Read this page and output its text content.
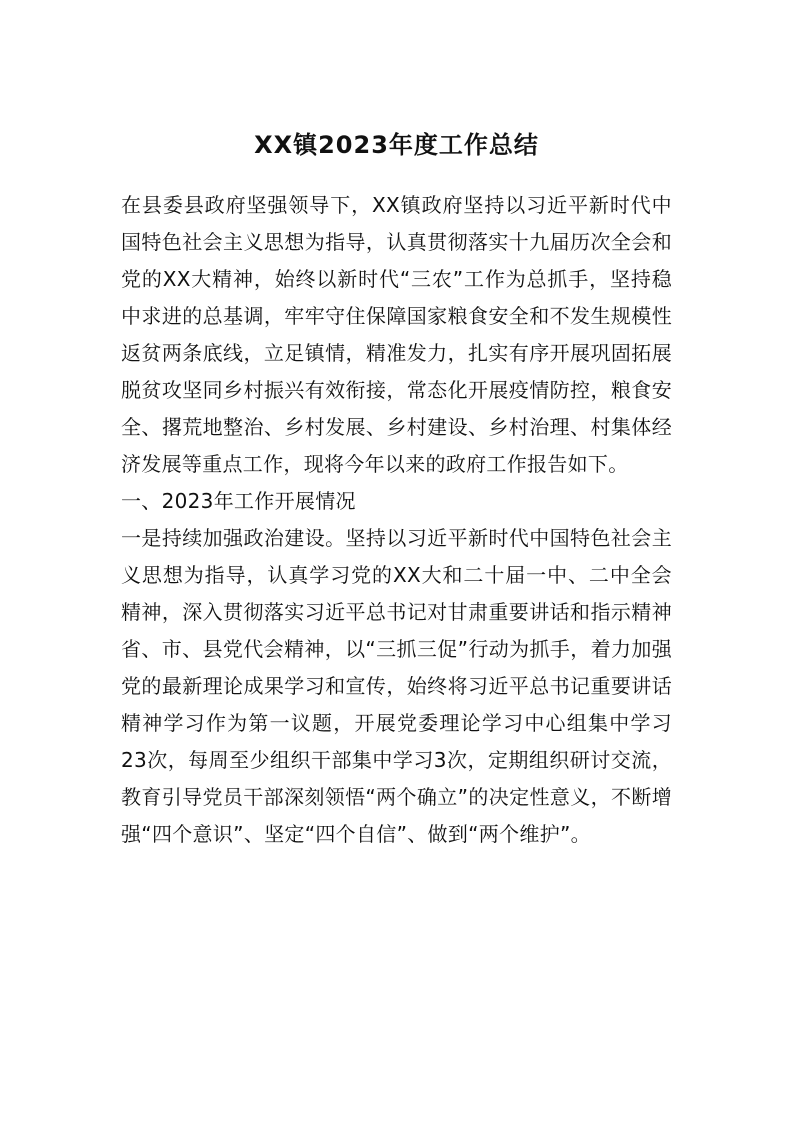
XX镇2023年度工作总结

在县委县政府坚强领导下，XX镇政府坚持以习近平新时代中国特色社会主义思想为指导，认真贯彻落实十九届历次全会和党的XX大精神，始终以新时代“三农”工作为总抓手，坚持稳中求进的总基调，牢牢守住保障国家粮食安全和不发生规模性返贫两条底线，立足镇情，精准发力，扎实有序开展巩固拓展脱贫攻坚同乡村振兴有效衔接，常态化开展疫情防控，粮食安全、撂荒地整治、乡村发展、乡村建设、乡村治理、村集体经济发展等重点工作，现将今年以来的政府工作报告如下。

一、2023年工作开展情况

一是持续加强政治建设。坚持以习近平新时代中国特色社会主义思想为指导，认真学习党的XX大和二十届一中、二中全会精神，深入贯彻落实习近平总书记对甘肃重要讲话和指示精神省、市、县党代会精神，以“三抓三促”行动为抓手，着力加强党的最新理论成果学习和宣传，始终将习近平总书记重要讲话精神学习作为第一议题，开展党委理论学习中心组集中学习23次，每周至少组织干部集中学习3次，定期组织研讨交流，教育引导党员干部深刻领悟“两个确立”的决定性意义，不断增强“四个意识”、坚定“四个自信”、做到“两个维护”。
